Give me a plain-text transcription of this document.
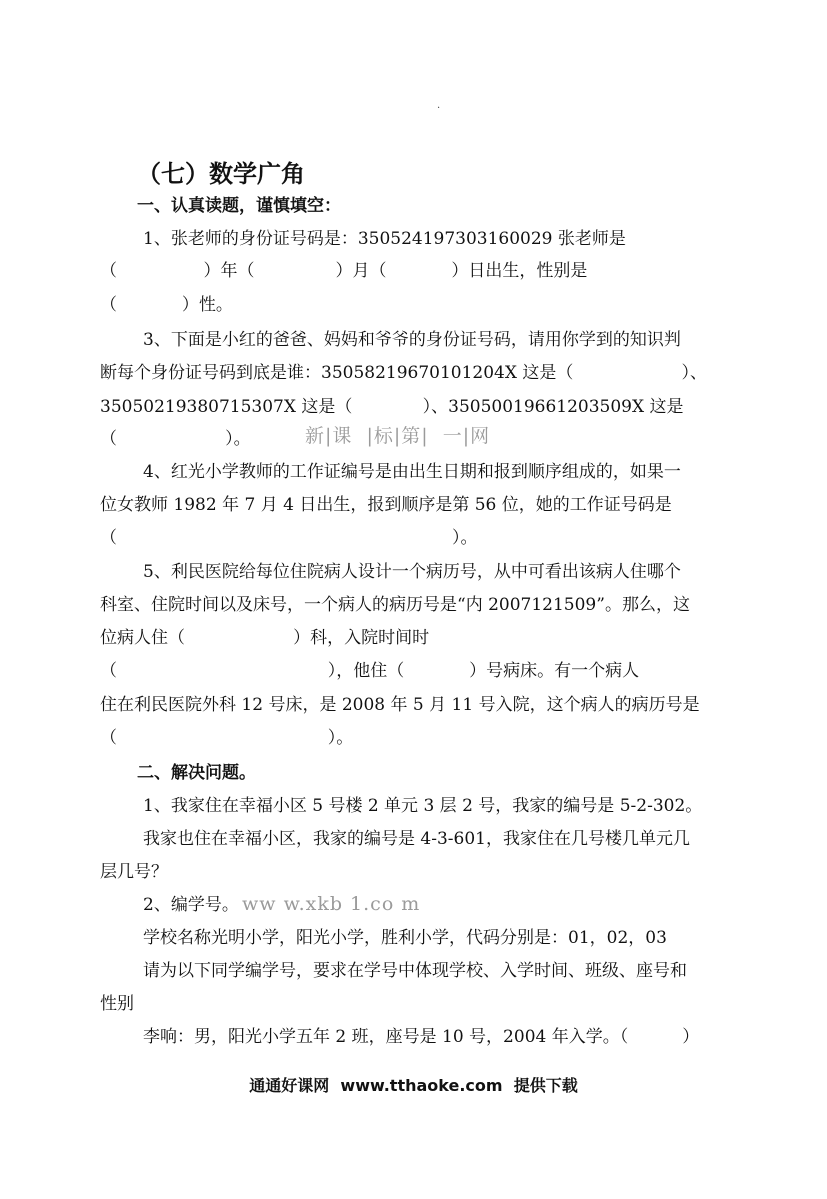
.
（七）数学广角
一、认真读题，谨慎填空：
1、张老师的身份证号码是：350524197303160029 张老师是
（                ）年（               ）月（            ）日出生，性别是
（            ）性。
3、下面是小红的爸爸、妈妈和爷爷的身份证号码，请用你学到的知识判
断每个身份证号码到底是谁：35058219670101204X 这是（                    ）、
35050219380715307X 这是（             ）、35050019661203509X 这是
（                    ）。	新|课  |标|第|  一|网
4、红光小学教师的工作证编号是由出生日期和报到顺序组成的，如果一
位女教师 1982 年 7 月 4 日出生，报到顺序是第 56 位，她的工作证号码是
（                                                              ）。
5、利民医院给每位住院病人设计一个病历号，从中可看出该病人住哪个
科室、住院时间以及床号，一个病人的病历号是“内 2007121509”。那么，这
位病人住（                    ）科，入院时间时
（                                       ），他住（            ）号病床。有一个病人
住在利民医院外科 12 号床，是 2008 年 5 月 11 号入院，这个病人的病历号是
（                                       ）。
二、解决问题。
1、我家住在幸福小区 5 号楼 2 单元 3 层 2 号，我家的编号是 5-2-302。
我家也住在幸福小区，我家的编号是 4-3-601，我家住在几号楼几单元几
层几号？
2、编学号。 ww w.xkb 1.co m
学校名称光明小学，阳光小学，胜利小学，代码分别是：01，02，03
请为以下同学编学号，要求在学号中体现学校、入学时间、班级、座号和
性别
李响：男，阳光小学五年 2 班，座号是 10 号，2004 年入学。（          ）
通通好课网  www.tthaoke.com  提供下载
